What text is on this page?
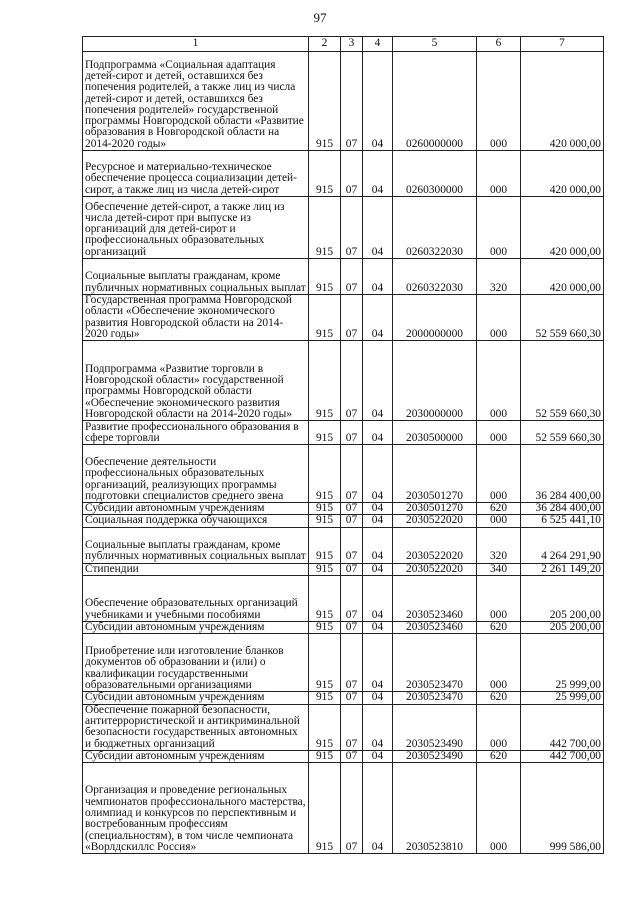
97
1	2	3	4	5	6	7
Подпрограмма «Социальная адаптация детей-сирот и детей, оставшихся без попечения родителей, а также лиц из числа детей-сирот и детей, оставшихся без попечения родителей» государственной программы Новгородской области «Развитие образования в Новгородской области на 2014-2020 годы»	915	07	04	0260000000	000	420 000,00
Ресурсное и материально-техническое обеспечение процесса социализации детей-сирот, а также лиц из числа детей-сирот	915	07	04	0260300000	000	420 000,00
Обеспечение детей-сирот, а также лиц из числа детей-сирот при выпуске из организаций для детей-сирот и профессиональных образовательных организаций	915	07	04	0260322030	000	420 000,00
Социальные выплаты гражданам, кроме публичных нормативных социальных выплат	915	07	04	0260322030	320	420 000,00
Государственная программа Новгородской области «Обеспечение экономического развития Новгородской области на 2014-2020 годы»	915	07	04	2000000000	000	52 559 660,30
Подпрограмма «Развитие торговли в Новгородской области» государственной программы Новгородской области «Обеспечение экономического развития Новгородской области на 2014-2020 годы»	915	07	04	2030000000	000	52 559 660,30
Развитие профессионального образования в сфере торговли	915	07	04	2030500000	000	52 559 660,30
Обеспечение деятельности профессиональных образовательных организаций, реализующих программы подготовки специалистов среднего звена	915	07	04	2030501270	000	36 284 400,00
Субсидии автономным учреждениям	915	07	04	2030501270	620	36 284 400,00
Социальная поддержка обучающихся	915	07	04	2030522020	000	6 525 441,10
Социальные выплаты гражданам, кроме публичных нормативных социальных выплат	915	07	04	2030522020	320	4 264 291,90
Стипендии	915	07	04	2030522020	340	2 261 149,20
Обеспечение образовательных организаций учебниками и учебными пособиями	915	07	04	2030523460	000	205 200,00
Субсидии автономным учреждениям	915	07	04	2030523460	620	205 200,00
Приобретение или изготовление бланков документов об образовании и (или) о квалификации государственными образовательными организациями	915	07	04	2030523470	000	25 999,00
Субсидии автономным учреждениям	915	07	04	2030523470	620	25 999,00
Обеспечение пожарной безопасности, антитеррористической и антикриминальной безопасности государственных автономных и бюджетных организаций	915	07	04	2030523490	000	442 700,00
Субсидии автономным учреждениям	915	07	04	2030523490	620	442 700,00
Организация и проведение региональных чемпионатов профессионального мастерства, олимпиад и конкурсов по перспективным и востребованным профессиям (специальностям), в том числе чемпионата «Ворлдскиллс Россия»	915	07	04	2030523810	000	999 586,00
